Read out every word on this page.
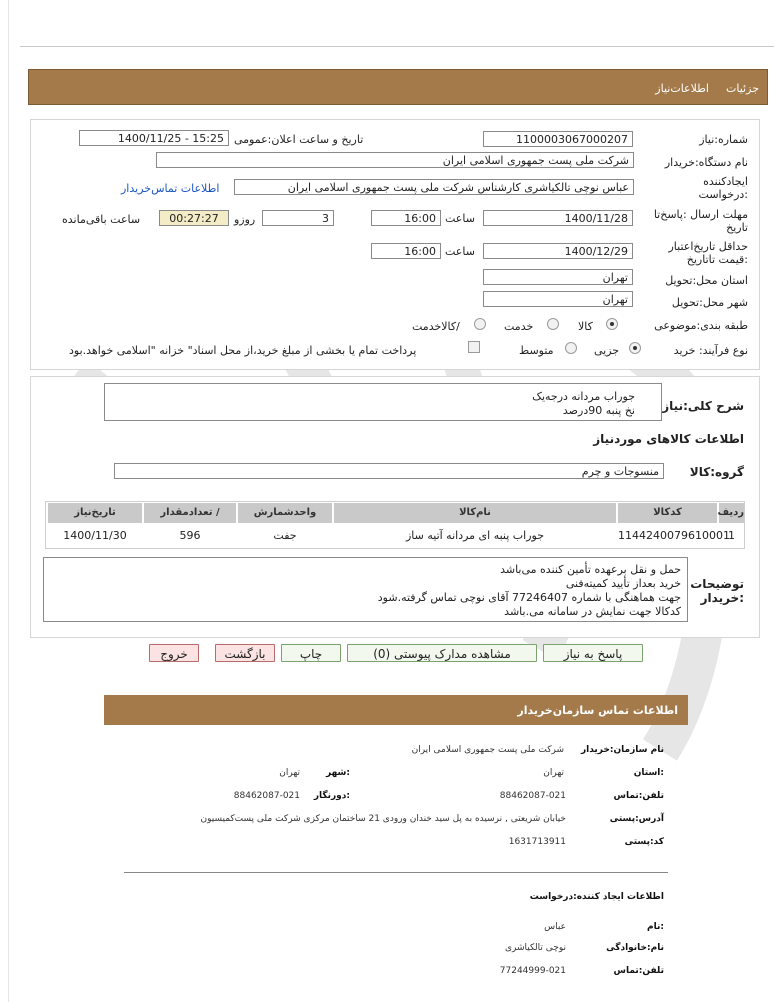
جزئیات
اطلاعات‌نیاز
شماره‌:نیاز
1100003067000207
تاریخ و ساعت اعلان:عمومی
1400/11/25 - 15:25
نام دستگاه:خریدار
شرکت ملی پست جمهوری اسلامی ایران
ایجادکننده
:درخواست
عباس نوچی تالکیاشری کارشناس شرکت ملی پست جمهوری اسلامی ایران
اطلاعات تماس‌خریدار
مهلت ارسال :پاسخ‌تا
تاریخ
1400/11/28
ساعت
16:00
3
روزو
00:27:27
ساعت باقی‌مانده
حداقل تاریخ‌اعتبار
:قیمت تا‌تاریخ
1400/12/29
ساعت
16:00
استان محل‌:تحویل
تهران
شهر محل‌:تحویل
تهران
طبقه بندی:موضوعی
کالا
خدمت
/کالاخدمت
نوع فرآیند: خرید
جزیی
متوسط
پرداخت تمام یا بخشی از مبلغ خرید،از محل اسناد" خزانه "اسلامی خواهد.بود
شرح کلی:نیاز
جوراب مردانه درجه‌یک
نخ پنبه 90درصد
اطلاعات کالاهای موردنیاز
گروه:کالا
منسوجات و چرم
ردیف
کدکالا
نام‌کالا
واحدشمارش
/ تعدادمقدار
تاریخ‌نیاز
1
1144240079610001
جوراب پنبه ای مردانه آتیه ساز
جفت
596
1400/11/30
توضیحات
:خریدار
حمل و نقل برعهده تأمین کننده می‌باشد
خرید بعداز تأیید کمیته‌فنی
جهت هماهنگی با شماره 77246407 آقای نوچی تماس گرفته.شود
کدکالا جهت نمایش در سامانه می.باشد
پاسخ به نیاز
مشاهده مدارک پیوستی (0)
چاپ
بازگشت
خروج
اطلاعات تماس سازمان‌خریدار
نام سازمان:خریدار
شرکت ملی پست جمهوری اسلامی ایران
:استان
تهران
:شهر
تهران
تلفن:تماس
88462087-021
:دورنگار
88462087-021
آدرس:پستی
خیابان شریعتی , نرسیده به پل سید خندان ورودی 21 ساختمان مرکزی شرکت ملی پست‌کمیسیون
کد:پستی
1631713911
اطلاعات ایجاد کننده:درخواست
:نام
عباس
نام:خانوادگی
نوچی تالکیاشری
تلفن:تماس
77244999-021
